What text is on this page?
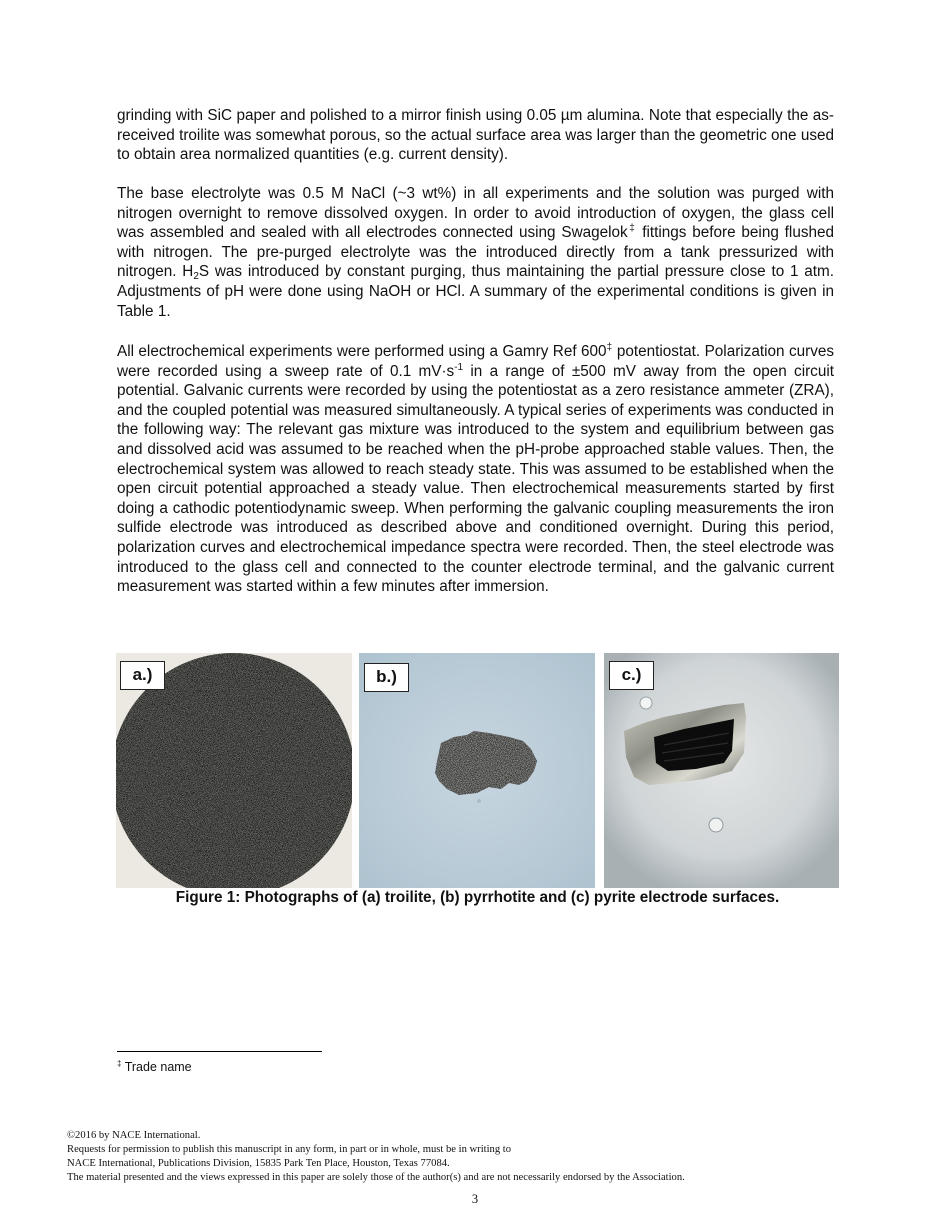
grinding with SiC paper and polished to a mirror finish using 0.05 µm alumina. Note that especially the as-received troilite was somewhat porous, so the actual surface area was larger than the geometric one used to obtain area normalized quantities (e.g. current density).

The base electrolyte was 0.5 M NaCl (~3 wt%) in all experiments and the solution was purged with nitrogen overnight to remove dissolved oxygen. In order to avoid introduction of oxygen, the glass cell was assembled and sealed with all electrodes connected using Swagelok‡ fittings before being flushed with nitrogen. The pre-purged electrolyte was the introduced directly from a tank pressurized with nitrogen. $H_2S$ was introduced by constant purging, thus maintaining the partial pressure close to 1 atm. Adjustments of pH were done using NaOH or HCl. A summary of the experimental conditions is given in Table 1.

All electrochemical experiments were performed using a Gamry Ref 600‡ potentiostat. Polarization curves were recorded using a sweep rate of 0.1 $mV\cdot s^{-1}$ in a range of ±500 mV away from the open circuit potential. Galvanic currents were recorded by using the potentiostat as a zero resistance ammeter (ZRA), and the coupled potential was measured simultaneously. A typical series of experiments was conducted in the following way: The relevant gas mixture was introduced to the system and equilibrium between gas and dissolved acid was assumed to be reached when the pH-probe approached stable values. Then, the electrochemical system was allowed to reach steady state. This was assumed to be established when the open circuit potential approached a steady value. Then electrochemical measurements started by first doing a cathodic potentiodynamic sweep. When performing the galvanic coupling measurements the iron sulfide electrode was introduced as described above and conditioned overnight. During this period, polarization curves and electrochemical impedance spectra were recorded. Then, the steel electrode was introduced to the glass cell and connected to the counter electrode terminal, and the galvanic current measurement was started within a few minutes after immersion.

a.)	b.)	c.)

Figure 1: Photographs of (a) troilite, (b) pyrrhotite and (c) pyrite electrode surfaces.

‡ Trade name

©2016 by NACE International.
Requests for permission to publish this manuscript in any form, in part or in whole, must be in writing to
NACE International, Publications Division, 15835 Park Ten Place, Houston, Texas 77084.
The material presented and the views expressed in this paper are solely those of the author(s) and are not necessarily endorsed by the Association.

3
